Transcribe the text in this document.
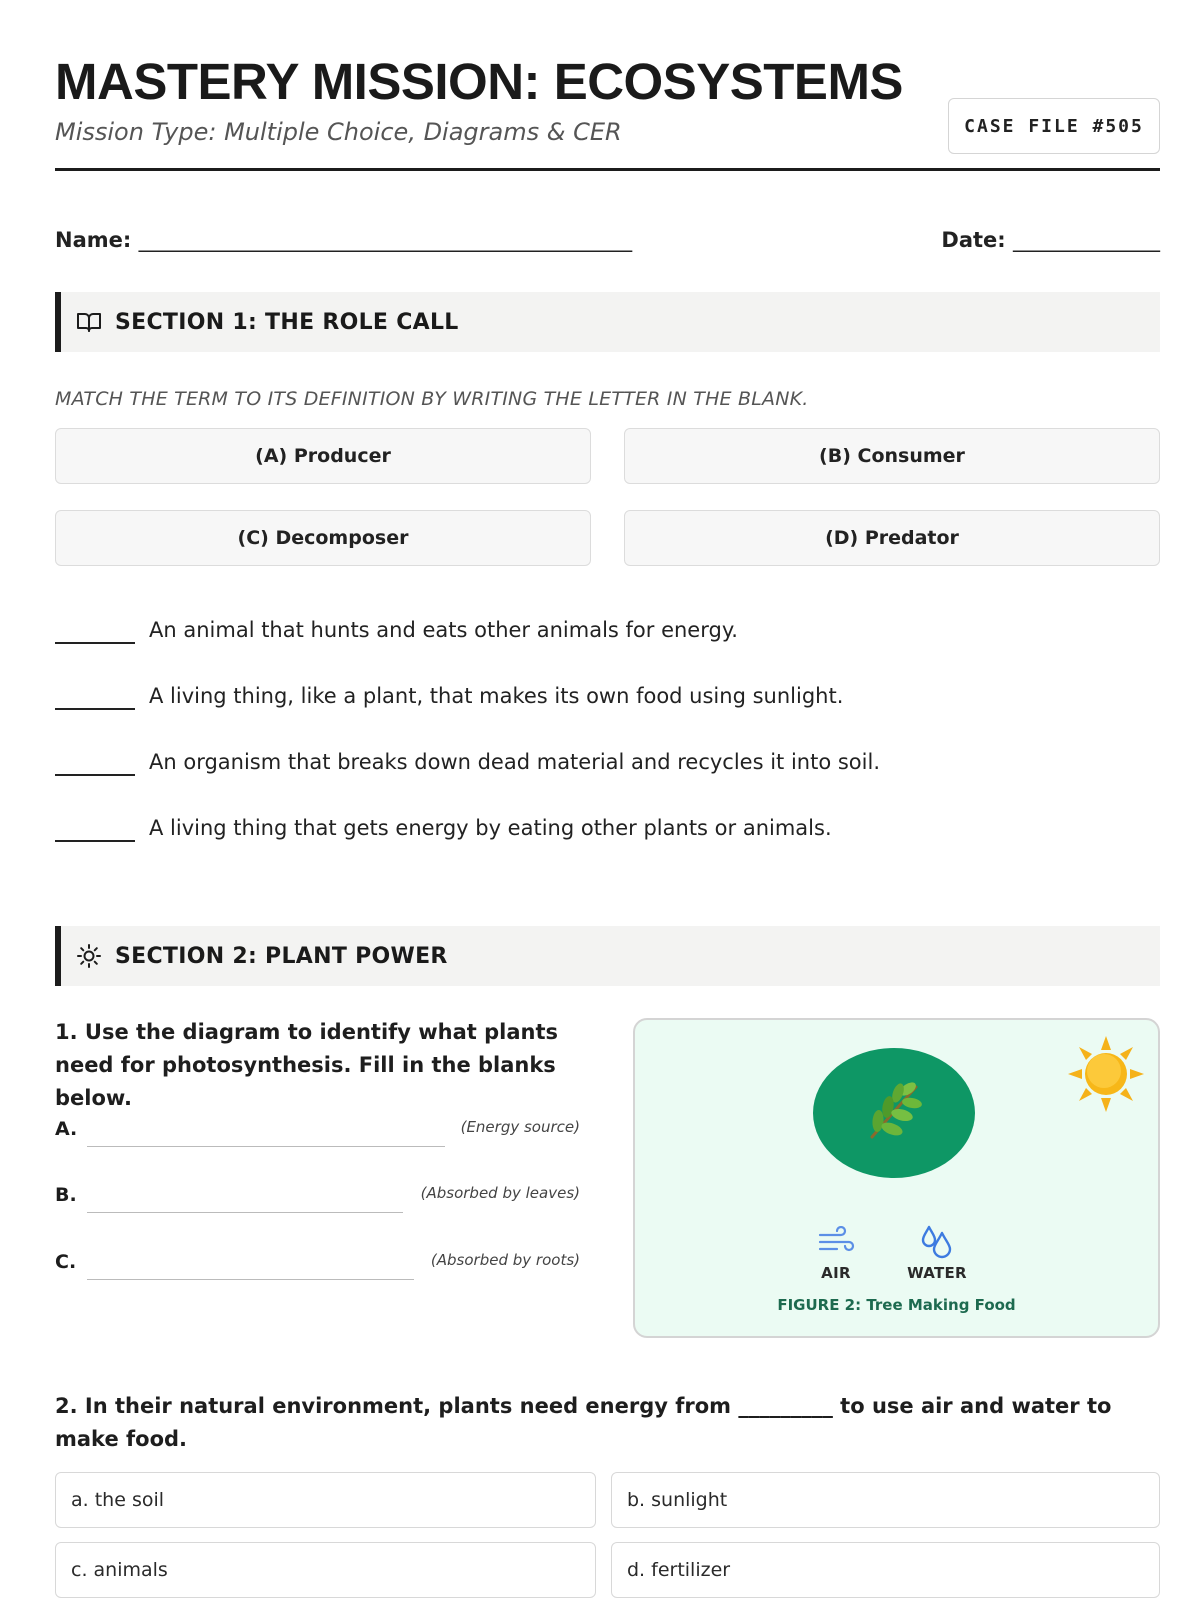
MASTERY MISSION: ECOSYSTEMS
Mission Type: Multiple Choice, Diagrams & CER	CASE FILE #505
Name: _______________________________________________	Date: ______________
SECTION 1: THE ROLE CALL
MATCH THE TERM TO ITS DEFINITION BY WRITING THE LETTER IN THE BLANK.
(A) Producer	(B) Consumer
(C) Decomposer	(D) Predator
An animal that hunts and eats other animals for energy.
A living thing, like a plant, that makes its own food using sunlight.
An organism that breaks down dead material and recycles it into soil.
A living thing that gets energy by eating other plants or animals.
SECTION 2: PLANT POWER
1. Use the diagram to identify what plants need for photosynthesis. Fill in the blanks below.
A.	(Energy source)
B.	(Absorbed by leaves)
C.	(Absorbed by roots)
AIR	WATER
FIGURE 2: Tree Making Food
2. In their natural environment, plants need energy from _________ to use air and water to make food.
a. the soil	b. sunlight
c. animals	d. fertilizer
